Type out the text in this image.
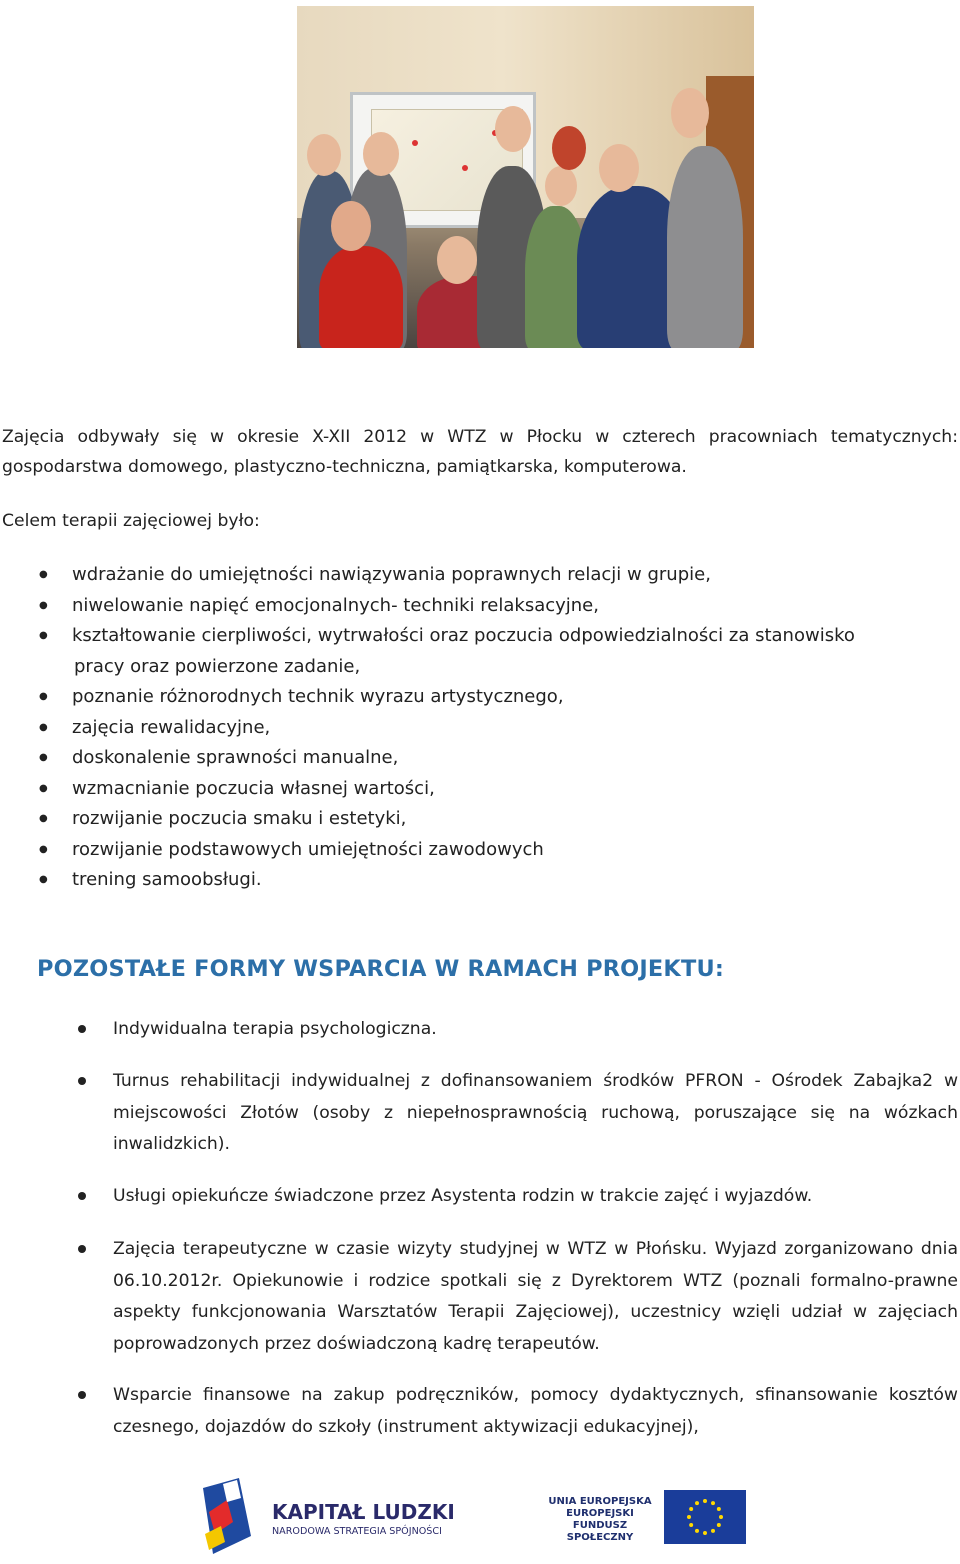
Zajęcia odbywały się w okresie X-XII 2012 w WTZ w Płocku w czterech pracowniach tematycznych:
gospodarstwa domowego, plastyczno-techniczna, pamiątkarska, komputerowa.
Celem terapii zajęciowej było:
● wdrażanie do umiejętności nawiązywania poprawnych relacji w grupie,
● niwelowanie napięć emocjonalnych- techniki relaksacyjne,
● kształtowanie cierpliwości, wytrwałości oraz poczucia odpowiedzialności za stanowisko
pracy oraz powierzone zadanie,
● poznanie różnorodnych technik wyrazu artystycznego,
● zajęcia rewalidacyjne,
● doskonalenie sprawności manualne,
● wzmacnianie poczucia własnej wartości,
● rozwijanie poczucia smaku i estetyki,
● rozwijanie podstawowych umiejętności zawodowych
● trening samoobsługi.
POZOSTAŁE FORMY WSPARCIA W RAMACH PROJEKTU:

Indywidualna terapia psychologiczna.

Turnus rehabilitacji indywidualnej z dofinansowaniem środków PFRON - Ośrodek Zabajka2 w miejscowości Złotów (osoby z niepełnosprawnością ruchową, poruszające się na wózkach inwalidzkich).

Usługi opiekuńcze świadczone przez Asystenta rodzin w trakcie zajęć i wyjazdów.

Zajęcia terapeutyczne w czasie wizyty studyjnej w WTZ w Płońsku. Wyjazd zorganizowano dnia 06.10.2012r. Opiekunowie i rodzice spotkali się z Dyrektorem WTZ (poznali formalno-prawne aspekty funkcjonowania Warsztatów Terapii Zajęciowej), uczestnicy wzięli udział w zajęciach poprowadzonych przez doświadczoną kadrę terapeutów.

Wsparcie finansowe na zakup podręczników, pomocy dydaktycznych, sfinansowanie kosztów czesnego, dojazdów do szkoły (instrument aktywizacji edukacyjnej),

KAPITAŁ LUDZKI
NARODOWA STRATEGIA SPÓJNOŚCI
UNIA EUROPEJSKA
EUROPEJSKI
FUNDUSZ SPOŁECZNY
